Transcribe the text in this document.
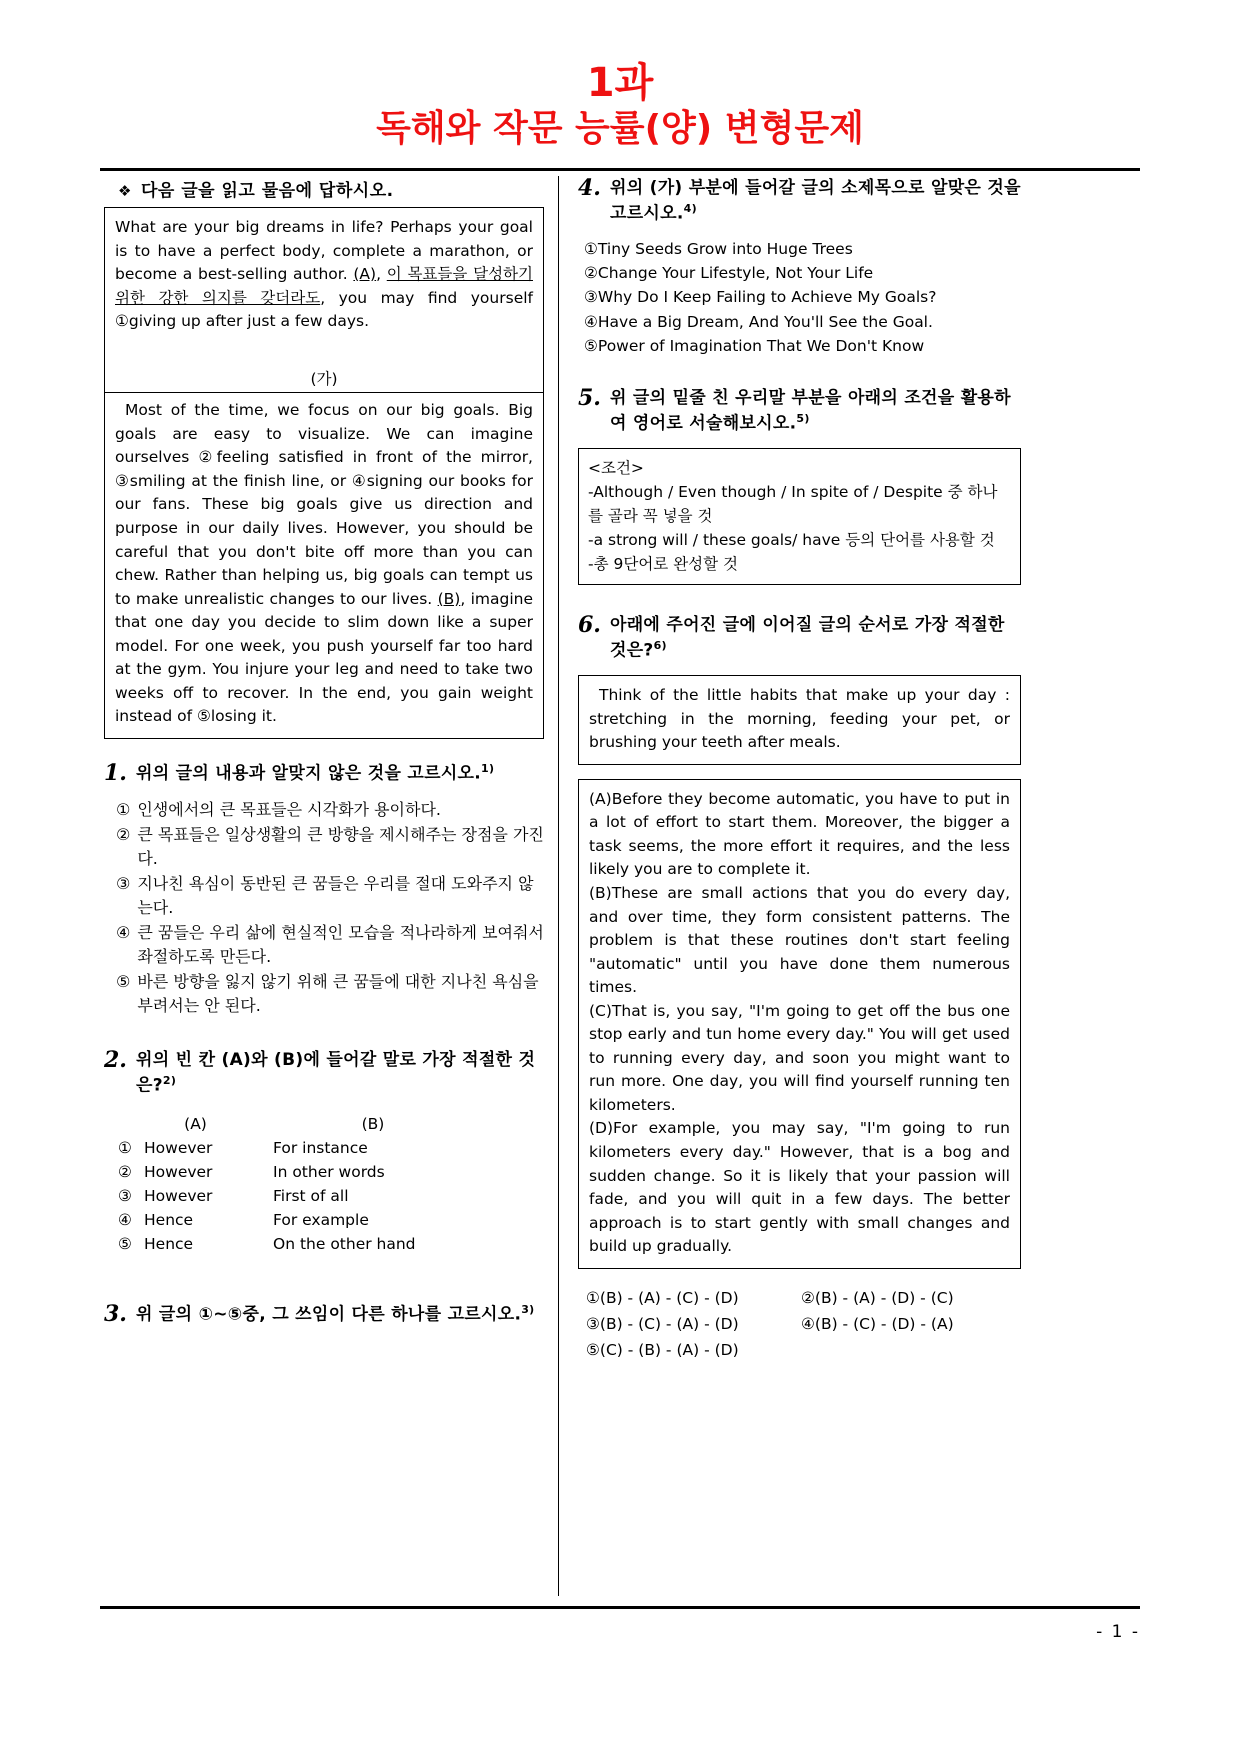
1과
독해와 작문 능률(양) 변형문제
❖ 다음 글을 읽고 물음에 답하시오.

What are your big dreams in life? Perhaps your goal is to have a perfect body, complete a marathon, or become a best-selling author. (A), 이 목표들을 달성하기 위한 강한 의지를 갖더라도, you may find yourself ①giving up after just a few days.

(가)

Most of the time, we focus on our big goals. Big goals are easy to visualize. We can imagine ourselves ②feeling satisfied in front of the mirror, ③smiling at the finish line, or ④signing our books for our fans. These big goals give us direction and purpose in our daily lives. However, you should be careful that you don't bite off more than you can chew. Rather than helping us, big goals can tempt us to make unrealistic changes to our lives. (B), imagine that one day you decide to slim down like a super model. For one week, you push yourself far too hard at the gym. You injure your leg and need to take two weeks off to recover. In the end, you gain weight instead of ⑤losing it.

1. 위의 글의 내용과 알맞지 않은 것을 고르시오.$^{1)}$
① 인생에서의 큰 목표들은 시각화가 용이하다.
② 큰 목표들은 일상생활의 큰 방향을 제시해주는 장점을 가진다.
③ 지나친 욕심이 동반된 큰 꿈들은 우리를 절대 도와주지 않는다.
④ 큰 꿈들은 우리 삶에 현실적인 모습을 적나라하게 보여줘서 좌절하도록 만든다.
⑤ 바른 방향을 잃지 않기 위해 큰 꿈들에 대한 지나친 욕심을 부려서는 안 된다.
2. 위의 빈 칸 (A)와 (B)에 들어갈 말로 가장 적절한 것은?$^{2)}$
(A)	(B)
① However	For instance
② However	In other words
③ However	First of all
④ Hence	For example
⑤ Hence	On the other hand
3. 위 글의 ①~⑤중, 그 쓰임이 다른 하나를 고르시오.$^{3)}$
4. 위의 (가) 부분에 들어갈 글의 소제목으로 알맞은 것을 고르시오.$^{4)}$
① Tiny Seeds Grow into Huge Trees
② Change Your Lifestyle, Not Your Life
③ Why Do I Keep Failing to Achieve My Goals?
④ Have a Big Dream, And You'll See the Goal.
⑤ Power of Imagination That We Don't Know
5. 위 글의 밑줄 친 우리말 부분을 아래의 조건을 활용하여 영어로 서술해보시오.$^{5)}$
<조건>
-Although / Even though / In spite of / Despite 중 하나를 골라 꼭 넣을 것
-a strong will / these goals/ have 등의 단어를 사용할 것
-총 9단어로 완성할 것
6. 아래에 주어진 글에 이어질 글의 순서로 가장 적절한 것은?$^{6)}$

Think of the little habits that make up your day : stretching in the morning, feeding your pet, or brushing your teeth after meals.

(A)Before they become automatic, you have to put in a lot of effort to start them. Moreover, the bigger a task seems, the more effort it requires, and the less likely you are to complete it.

(B)These are small actions that you do every day, and over time, they form consistent patterns. The problem is that these routines don't start feeling "automatic" until you have done them numerous times.

(C)That is, you say, "I'm going to get off the bus one stop early and tun home every day." You will get used to running every day, and soon you might want to run more. One day, you will find yourself running ten kilometers.

(D)For example, you may say, "I'm going to run kilometers every day." However, that is a bog and sudden change. So it is likely that your passion will fade, and you will quit in a few days. The better approach is to start gently with small changes and build up gradually.

①(B) - (A) - (C) - (D)	②(B) - (A) - (D) - (C)
③(B) - (C) - (A) - (D)	④(B) - (C) - (D) - (A)
⑤(C) - (B) - (A) - (D)
- 1 -
